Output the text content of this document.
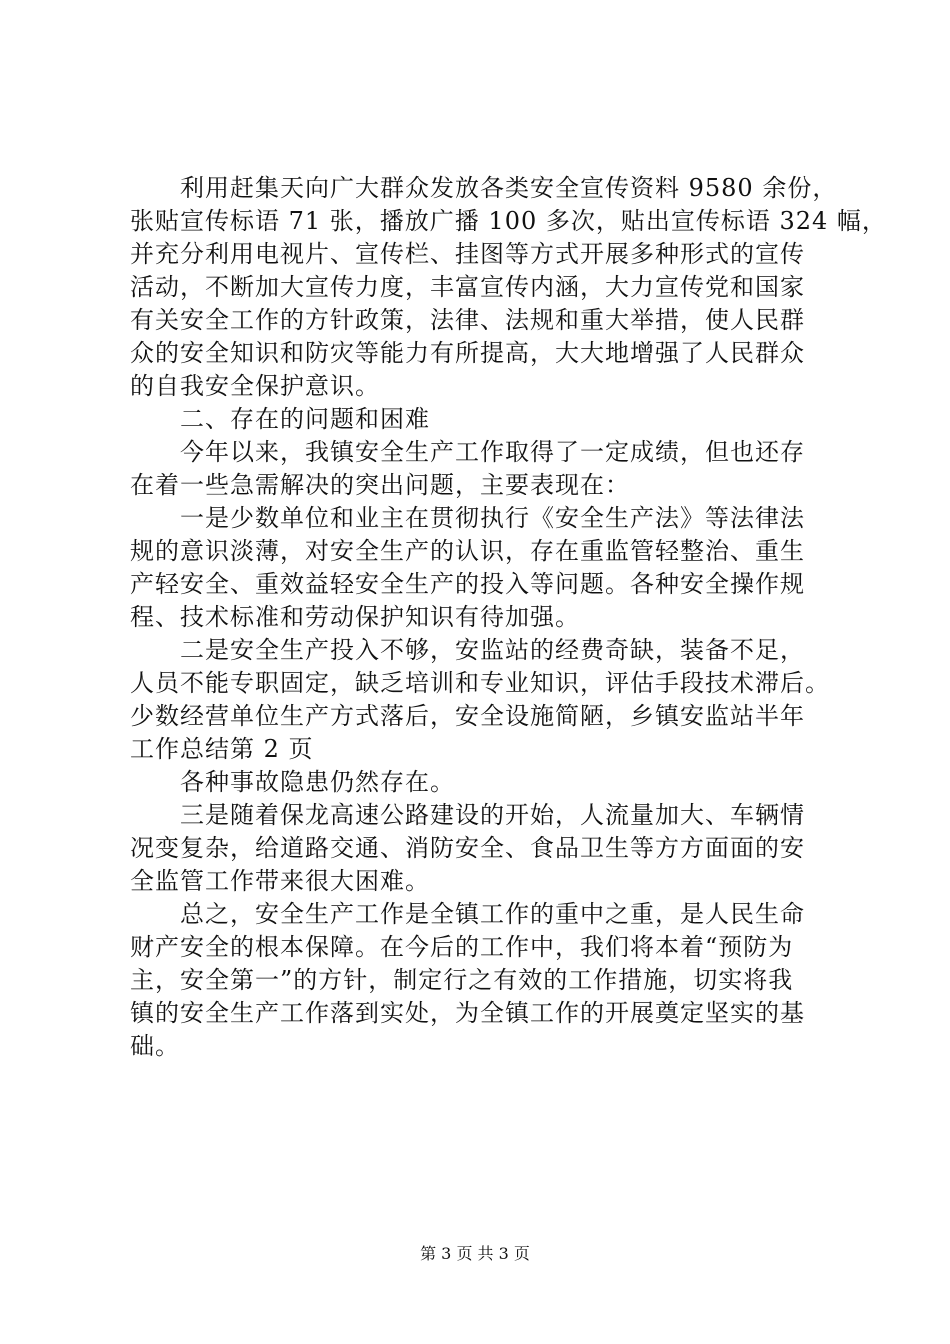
利用赶集天向广大群众发放各类安全宣传资料 9580 余份，
张贴宣传标语 71 张，播放广播 100 多次，贴出宣传标语 324 幅，
并充分利用电视片、宣传栏、挂图等方式开展多种形式的宣传
活动，不断加大宣传力度，丰富宣传内涵，大力宣传党和国家
有关安全工作的方针政策，法律、法规和重大举措，使人民群
众的安全知识和防灾等能力有所提高，大大地增强了人民群众
的自我安全保护意识。
二、存在的问题和困难
今年以来，我镇安全生产工作取得了一定成绩，但也还存
在着一些急需解决的突出问题，主要表现在：
一是少数单位和业主在贯彻执行《安全生产法》等法律法
规的意识淡薄，对安全生产的认识，存在重监管轻整治、重生
产轻安全、重效益轻安全生产的投入等问题。各种安全操作规
程、技术标准和劳动保护知识有待加强。
二是安全生产投入不够，安监站的经费奇缺，装备不足，
人员不能专职固定，缺乏培训和专业知识，评估手段技术滞后。
少数经营单位生产方式落后，安全设施简陋，乡镇安监站半年
工作总结第 2 页
各种事故隐患仍然存在。
三是随着保龙高速公路建设的开始，人流量加大、车辆情
况变复杂，给道路交通、消防安全、食品卫生等方方面面的安
全监管工作带来很大困难。
总之，安全生产工作是全镇工作的重中之重，是人民生命
财产安全的根本保障。在今后的工作中，我们将本着“预防为
主，安全第一”的方针，制定行之有效的工作措施，切实将我
镇的安全生产工作落到实处，为全镇工作的开展奠定坚实的基
础。
第 3 页 共 3 页
